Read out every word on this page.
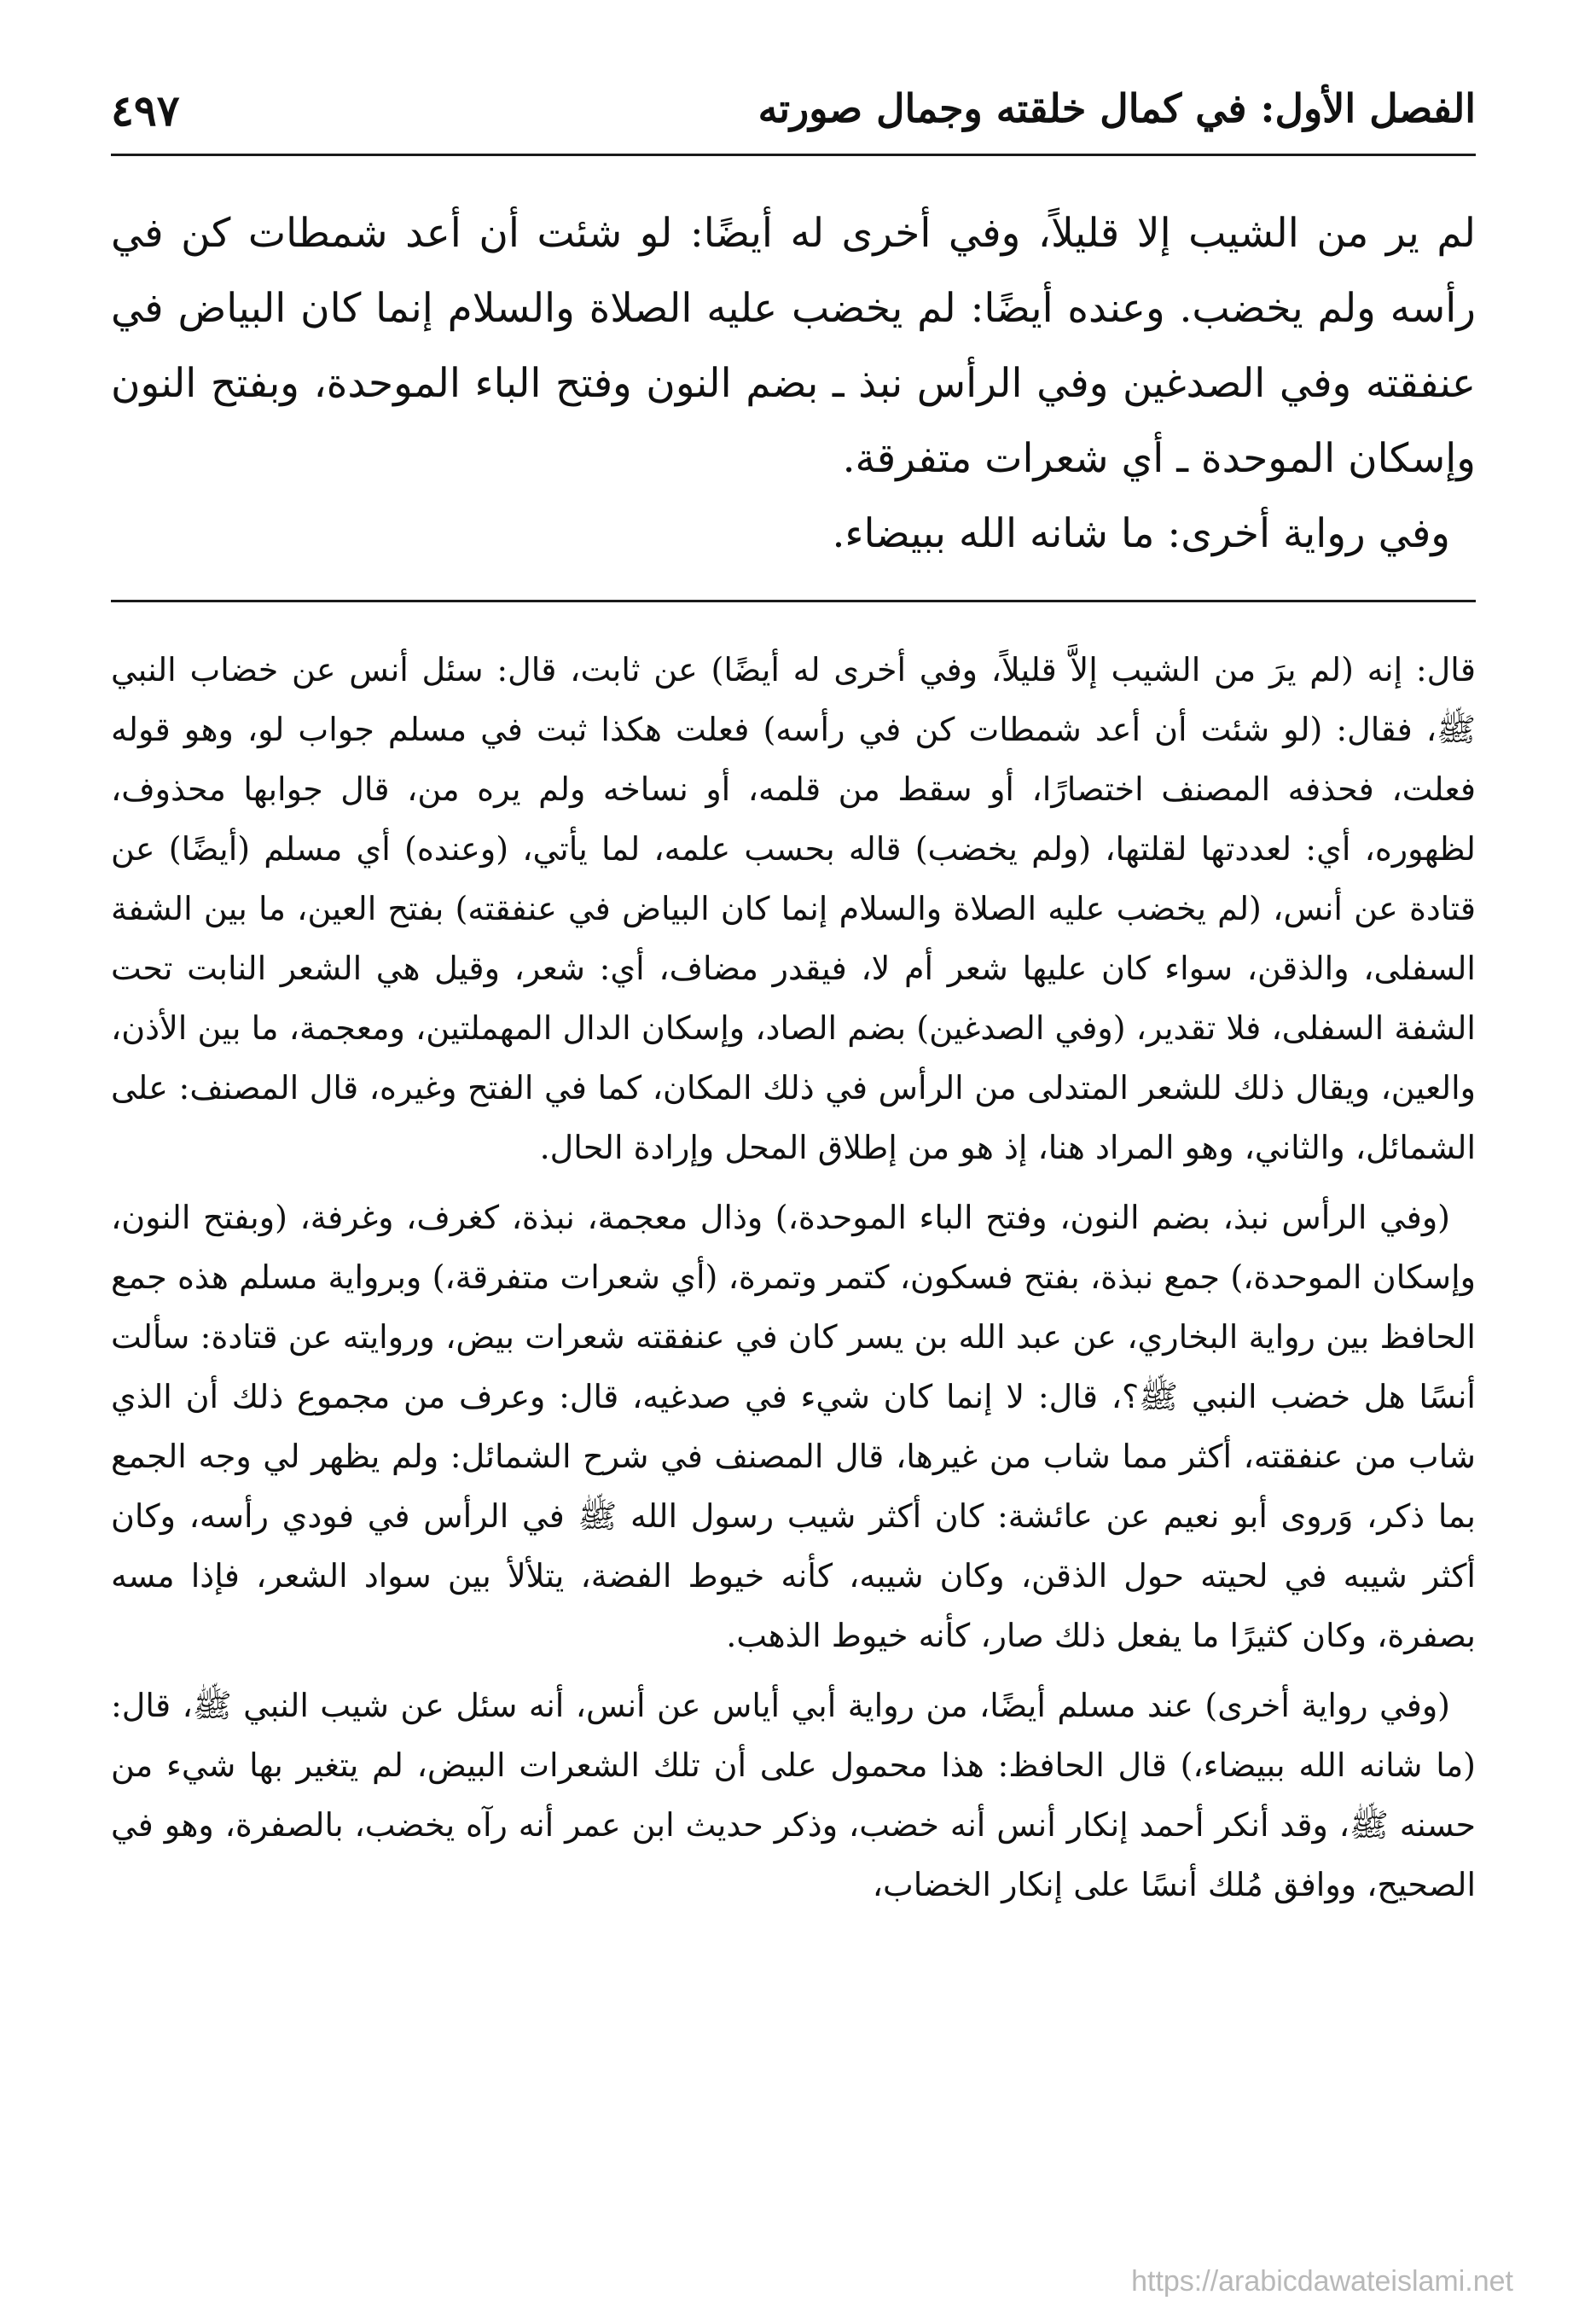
الفصل الأول: في كمال خلقته وجمال صورته
٤٩٧

لم ير من الشيب إلا قليلاً، وفي أخرى له أيضًا: لو شئت أن أعد شمطات كن في رأسه ولم يخضب. وعنده أيضًا: لم يخضب عليه الصلاة والسلام إنما كان البياض في عنفقته وفي الصدغين وفي الرأس نبذ ـ بضم النون وفتح الباء الموحدة، وبفتح النون وإسكان الموحدة ـ أي شعرات متفرقة.

وفي رواية أخرى: ما شانه الله ببيضاء.

قال: إنه (لم يرَ من الشيب إلاَّ قليلاً، وفي أخرى له أيضًا) عن ثابت، قال: سئل أنس عن خضاب النبي ﷺ، فقال: (لو شئت أن أعد شمطات كن في رأسه) فعلت هكذا ثبت في مسلم جواب لو، وهو قوله فعلت، فحذفه المصنف اختصارًا، أو سقط من قلمه، أو نساخه ولم يره من، قال جوابها محذوف، لظهوره، أي: لعددتها لقلتها، (ولم يخضب) قاله بحسب علمه، لما يأتي، (وعنده) أي مسلم (أيضًا) عن قتادة عن أنس، (لم يخضب عليه الصلاة والسلام إنما كان البياض في عنفقته) بفتح العين، ما بين الشفة السفلى، والذقن، سواء كان عليها شعر أم لا، فيقدر مضاف، أي: شعر، وقيل هي الشعر النابت تحت الشفة السفلى، فلا تقدير، (وفي الصدغين) بضم الصاد، وإسكان الدال المهملتين، ومعجمة، ما بين الأذن، والعين، ويقال ذلك للشعر المتدلى من الرأس في ذلك المكان، كما في الفتح وغيره، قال المصنف: على الشمائل، والثاني، وهو المراد هنا، إذ هو من إطلاق المحل وإرادة الحال.

(وفي الرأس نبذ، بضم النون، وفتح الباء الموحدة،) وذال معجمة، نبذة، كغرف، وغرفة، (وبفتح النون، وإسكان الموحدة،) جمع نبذة، بفتح فسكون، كتمر وتمرة، (أي شعرات متفرقة،) وبرواية مسلم هذه جمع الحافظ بين رواية البخاري، عن عبد الله بن يسر كان في عنفقته شعرات بيض، وروايته عن قتادة: سألت أنسًا هل خضب النبي ﷺ؟، قال: لا إنما كان شيء في صدغيه، قال: وعرف من مجموع ذلك أن الذي شاب من عنفقته، أكثر مما شاب من غيرها، قال المصنف في شرح الشمائل: ولم يظهر لي وجه الجمع بما ذكر، وَروى أبو نعيم عن عائشة: كان أكثر شيب رسول الله ﷺ في الرأس في فودي رأسه، وكان أكثر شيبه في لحيته حول الذقن، وكان شيبه، كأنه خيوط الفضة، يتلألأ بين سواد الشعر، فإذا مسه بصفرة، وكان كثيرًا ما يفعل ذلك صار، كأنه خيوط الذهب.

(وفي رواية أخرى) عند مسلم أيضًا، من رواية أبي أياس عن أنس، أنه سئل عن شيب النبي ﷺ، قال: (ما شانه الله ببيضاء،) قال الحافظ: هذا محمول على أن تلك الشعرات البيض، لم يتغير بها شيء من حسنه ﷺ، وقد أنكر أحمد إنكار أنس أنه خضب، وذكر حديث ابن عمر أنه رآه يخضب، بالصفرة، وهو في الصحيح، ووافق مُلك أنسًا على إنكار الخضاب،

https://arabicdawateislami.net
